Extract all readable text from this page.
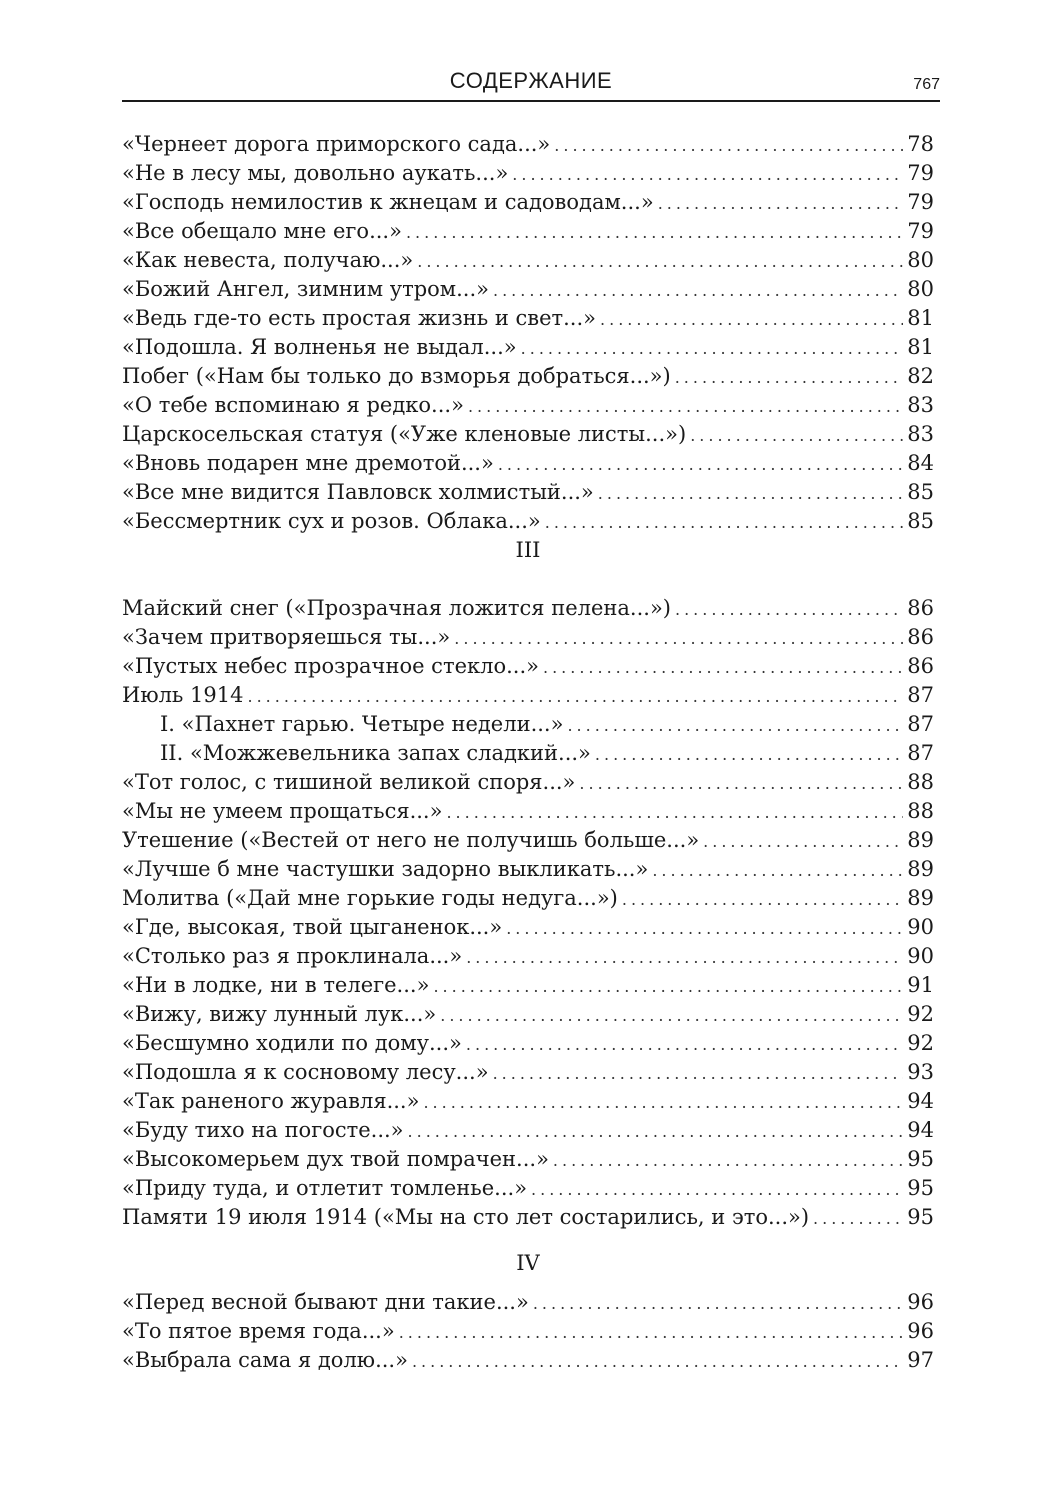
СОДЕРЖАНИЕ	767
«Чернеет дорога приморского сада...» .....	78
«Не в лесу мы, довольно аукать...» .....	79
«Господь немилостив к жнецам и садоводам...» .....	79
«Все обещало мне его...» .....	79
«Как невеста, получаю...» .....	80
«Божий Ангел, зимним утром...» .....	80
«Ведь где-то есть простая жизнь и свет...» .....	81
«Подошла. Я волненья не выдал...» .....	81
Побег («Нам бы только до взморья добраться...») .....	82
«О тебе вспоминаю я редко...» .....	83
Царскосельская статуя («Уже кленовые листы...») .....	83
«Вновь подарен мне дремотой...» .....	84
«Все мне видится Павловск холмистый...» .....	85
«Бессмертник сух и розов. Облака...» .....	85
III
Майский снег («Прозрачная ложится пелена...») .....	86
«Зачем притворяешься ты...» .....	86
«Пустых небес прозрачное стекло...» .....	86
Июль 1914 .....	87
I. «Пахнет гарью. Четыре недели...» .....	87
II. «Можжевельника запах сладкий...» .....	87
«Тот голос, с тишиной великой споря...» .....	88
«Мы не умеем прощаться...» .....	88
Утешение («Вестей от него не получишь больше...» .....	89
«Лучше б мне частушки задорно выкликать...» .....	89
Молитва («Дай мне горькие годы недуга...») .....	89
«Где, высокая, твой цыганенок...» .....	90
«Столько раз я проклинала...» .....	90
«Ни в лодке, ни в телеге...» .....	91
«Вижу, вижу лунный лук...» .....	92
«Бесшумно ходили по дому...» .....	92
«Подошла я к сосновому лесу...» .....	93
«Так раненого журавля...» .....	94
«Буду тихо на погосте...» .....	94
«Высокомерьем дух твой помрачен...» .....	95
«Приду туда, и отлетит томленье...» .....	95
Памяти 19 июля 1914 («Мы на сто лет состарились, и это...») .....	95
IV
«Перед весной бывают дни такие...» .....	96
«То пятое время года...» .....	96
«Выбрала сама я долю...» .....	97
